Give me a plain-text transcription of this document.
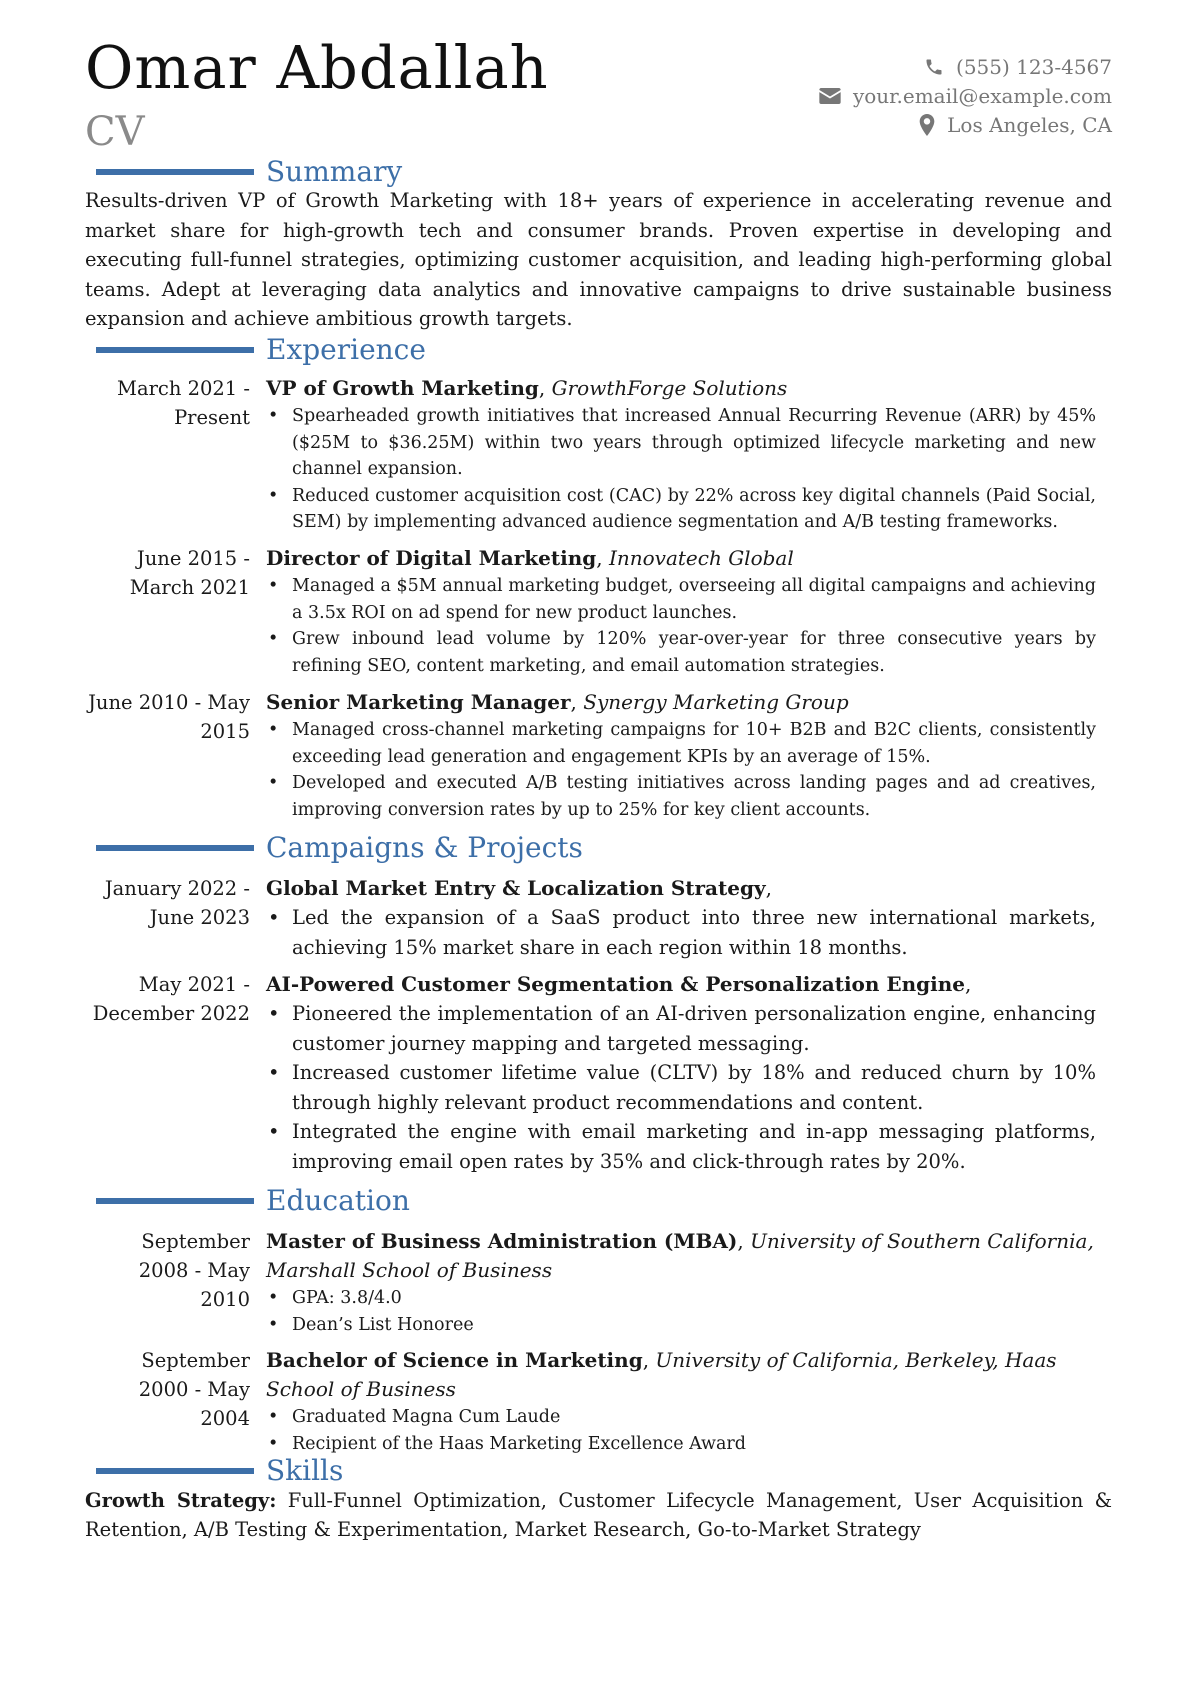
Omar Abdallah
CV
(555) 123-4567
your.email@example.com
Los Angeles, CA
Summary
Results-driven VP of Growth Marketing with 18+ years of experience in accelerating revenue and market share for high-growth tech and consumer brands. Proven expertise in developing and executing full-funnel strategies, optimizing customer acquisition, and leading high-performing global teams. Adept at leveraging data analytics and innovative campaigns to drive sustainable business expansion and achieve ambitious growth targets.
Experience
March 2021 - Present
VP of Growth Marketing, GrowthForge Solutions
• Spearheaded growth initiatives that increased Annual Recurring Revenue (ARR) by 45% ($25M to $36.25M) within two years through optimized lifecycle marketing and new channel expansion.
• Reduced customer acquisition cost (CAC) by 22% across key digital channels (Paid Social, SEM) by implementing advanced audience segmentation and A/B testing frameworks.
June 2015 - March 2021
Director of Digital Marketing, Innovatech Global
• Managed a $5M annual marketing budget, overseeing all digital campaigns and achieving a 3.5x ROI on ad spend for new product launches.
• Grew inbound lead volume by 120% year-over-year for three consecutive years by refining SEO, content marketing, and email automation strategies.
June 2010 - May 2015
Senior Marketing Manager, Synergy Marketing Group
• Managed cross-channel marketing campaigns for 10+ B2B and B2C clients, consistently exceeding lead generation and engagement KPIs by an average of 15%.
• Developed and executed A/B testing initiatives across landing pages and ad creatives, improving conversion rates by up to 25% for key client accounts.
Campaigns & Projects
January 2022 - June 2023
Global Market Entry & Localization Strategy,
• Led the expansion of a SaaS product into three new international markets, achieving 15% market share in each region within 18 months.
May 2021 - December 2022
AI-Powered Customer Segmentation & Personalization Engine,
• Pioneered the implementation of an AI-driven personalization engine, enhancing customer journey mapping and targeted messaging.
• Increased customer lifetime value (CLTV) by 18% and reduced churn by 10% through highly relevant product recommendations and content.
• Integrated the engine with email marketing and in-app messaging platforms, improving email open rates by 35% and click-through rates by 20%.
Education
September 2008 - May 2010
Master of Business Administration (MBA), University of Southern California, Marshall School of Business
• GPA: 3.8/4.0
• Dean’s List Honoree
September 2000 - May 2004
Bachelor of Science in Marketing, University of California, Berkeley, Haas School of Business
• Graduated Magna Cum Laude
• Recipient of the Haas Marketing Excellence Award
Skills
Growth Strategy: Full-Funnel Optimization, Customer Lifecycle Management, User Acquisition & Retention, A/B Testing & Experimentation, Market Research, Go-to-Market Strategy
